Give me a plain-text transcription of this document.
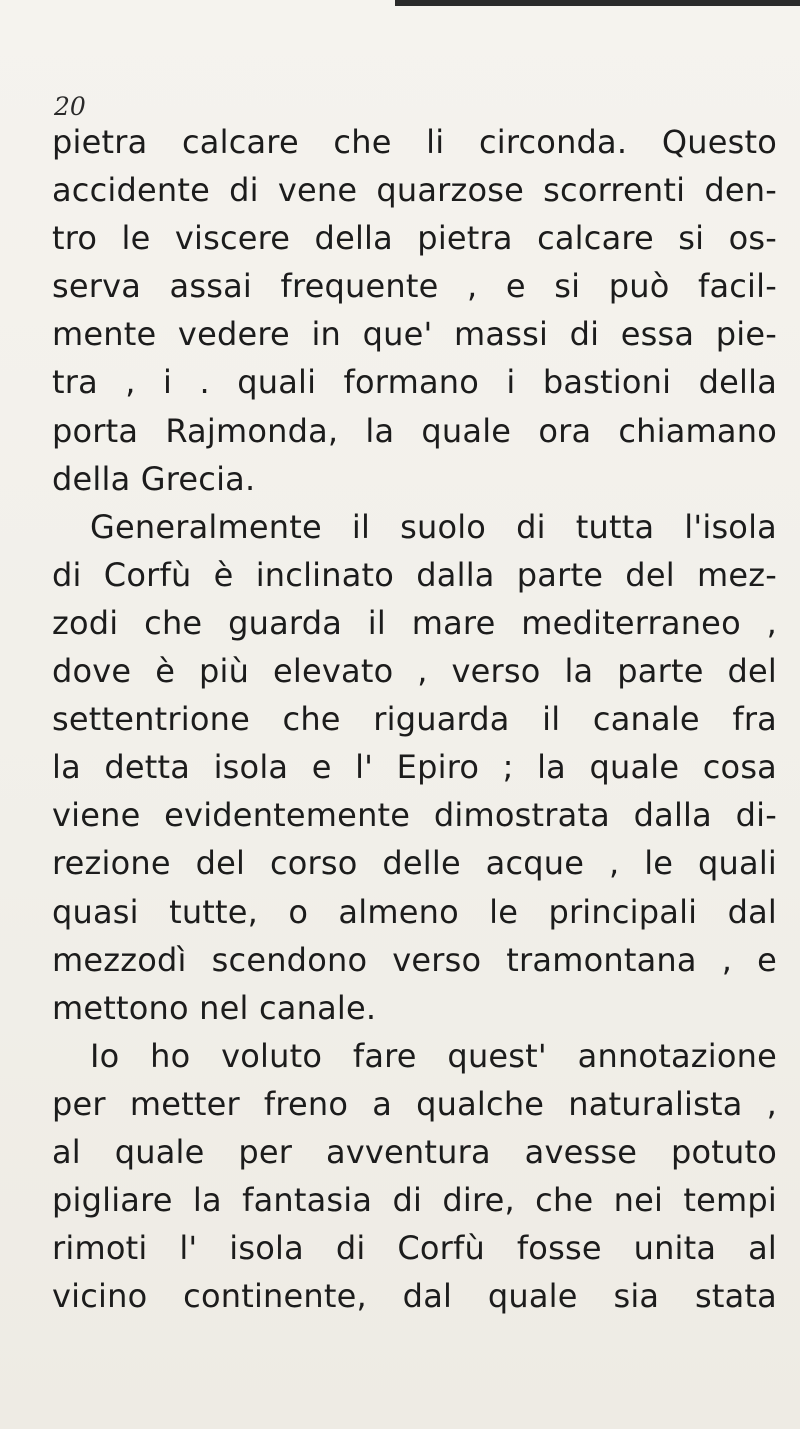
20
pietra calcare che li circonda. Questo
accidente di vene quarzose scorrenti den-
tro le viscere della pietra calcare si os-
serva assai frequente , e si può facil-
mente vedere in que' massi di essa pie-
tra , i . quali formano i bastioni della
porta Rajmonda, la quale ora chiamano
della Grecia.
Generalmente il suolo di tutta l'isola
di Corfù è inclinato dalla parte del mez-
zodi che guarda il mare mediterraneo ,
dove è più elevato , verso la parte del
settentrione che riguarda il canale fra
la detta isola e l' Epiro ; la quale cosa
viene evidentemente dimostrata dalla di-
rezione del corso delle acque , le quali
quasi tutte, o almeno le principali dal
mezzodì scendono verso tramontana , e
mettono nel canale.
Io ho voluto fare quest' annotazione
per metter freno a qualche naturalista ,
al quale per avventura avesse potuto
pigliare la fantasia di dire, che nei tempi
rimoti l' isola di Corfù fosse unita al
vicino continente, dal quale sia stata
